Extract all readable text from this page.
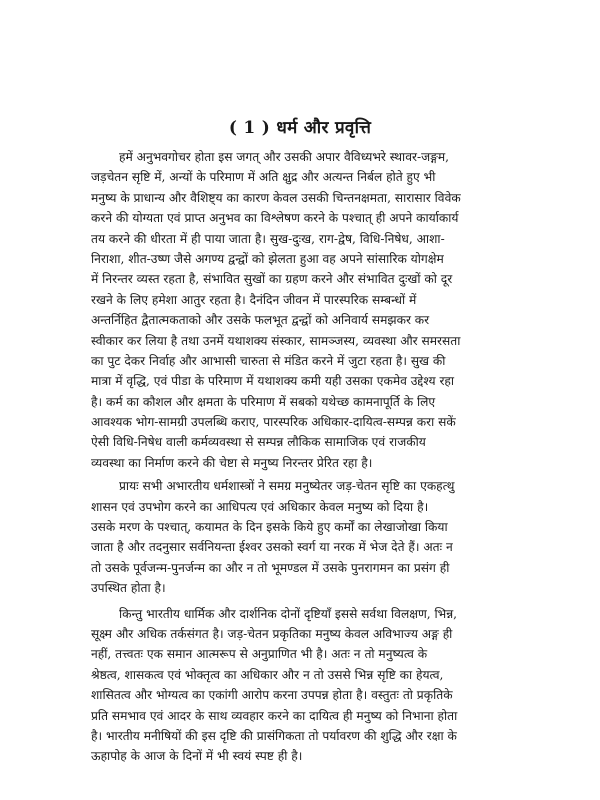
( 1 ) धर्म और प्रवृत्ति

हमें अनुभवगोचर होता इस जगत् और उसकी अपार वैविध्यभरे स्थावर-जङ्गम,
जड़चेतन सृष्टि में, अन्यों के परिमाण में अति क्षुद्र और अत्यन्त निर्बल होते हुए भी
मनुष्य के प्राधान्य और वैशिष्ट्य का कारण केवल उसकी चिन्तनक्षमता, सारासार विवेक
करने की योग्यता एवं प्राप्त अनुभव का विश्लेषण करने के पश्चात् ही अपने कार्याकार्य
तय करने की धीरता में ही पाया जाता है। सुख-दुःख, राग-द्वेष, विधि-निषेध, आशा-
निराशा, शीत-उष्ण जैसे अगण्य द्वन्द्वों को झेलता हुआ वह अपने सांसारिक योगक्षेम
में निरन्तर व्यस्त रहता है, संभावित सुखों का ग्रहण करने और संभावित दुःखों को दूर
रखने के लिए हमेशा आतुर रहता है। दैनंदिन जीवन में पारस्परिक सम्बन्धों में
अन्तर्निहित द्वैतात्मकताको और उसके फलभूत द्वन्द्वों को अनिवार्य समझकर कर
स्वीकार कर लिया है तथा उनमें यथाशक्य संस्कार, सामञ्जस्य, व्यवस्था और समरसता
का पुट देकर निर्वाह और आभासी चारुता से मंडित करने में जुटा रहता है। सुख की
मात्रा में वृद्धि, एवं पीडा के परिमाण में यथाशक्य कमी यही उसका एकमेव उद्देश्य रहा
है। कर्म का कौशल और क्षमता के परिमाण में सबको यथेच्छ कामनापूर्ति के लिए
आवश्यक भोग-सामग्री उपलब्धि कराए, पारस्परिक अधिकार-दायित्व-सम्पन्न करा सकें
ऐसी विधि-निषेध वाली कर्मव्यवस्था से सम्पन्न लौकिक सामाजिक एवं राजकीय
व्यवस्था का निर्माण करने की चेष्टा से मनुष्य निरन्तर प्रेरित रहा है।

प्रायः सभी अभारतीय धर्मशास्त्रों ने समग्र मनुष्येतर जड़-चेतन सृष्टि का एकहत्थु
शासन एवं उपभोग करने का आधिपत्य एवं अधिकार केवल मनुष्य को दिया है।
उसके मरण के पश्चात्, कयामत के दिन इसके किये हुए कर्मों का लेखाजोखा किया
जाता है और तदनुसार सर्वनियन्ता ईश्वर उसको स्वर्ग या नरक में भेज देते हैं। अतः न
तो उसके पूर्वजन्म-पुनर्जन्म का और न तो भूमण्डल में उसके पुनरागमन का प्रसंग ही
उपस्थित होता है।

किन्तु भारतीय धार्मिक और दार्शनिक दोनों दृष्टियाँ इससे सर्वथा विलक्षण, भिन्न,
सूक्ष्म और अधिक तर्कसंगत है। जड़-चेतन प्रकृतिका मनुष्य केवल अविभाज्य अङ्ग ही
नहीं, तत्त्वतः एक समान आत्मरूप से अनुप्राणित भी है। अतः न तो मनुष्यत्व के
श्रेष्ठत्व, शासकत्व एवं भोक्तृत्व का अधिकार और न तो उससे भिन्न सृष्टि का हेयत्व,
शासितत्व और भोग्यत्व का एकांगी आरोप करना उपपन्न होता है। वस्तुतः तो प्रकृतिके
प्रति समभाव एवं आदर के साथ व्यवहार करने का दायित्व ही मनुष्य को निभाना होता
है। भारतीय मनीषियों की इस दृष्टि की प्रासंगिकता तो पर्यावरण की शुद्धि और रक्षा के
ऊहापोह के आज के दिनों में भी स्वयं स्पष्ट ही है।
